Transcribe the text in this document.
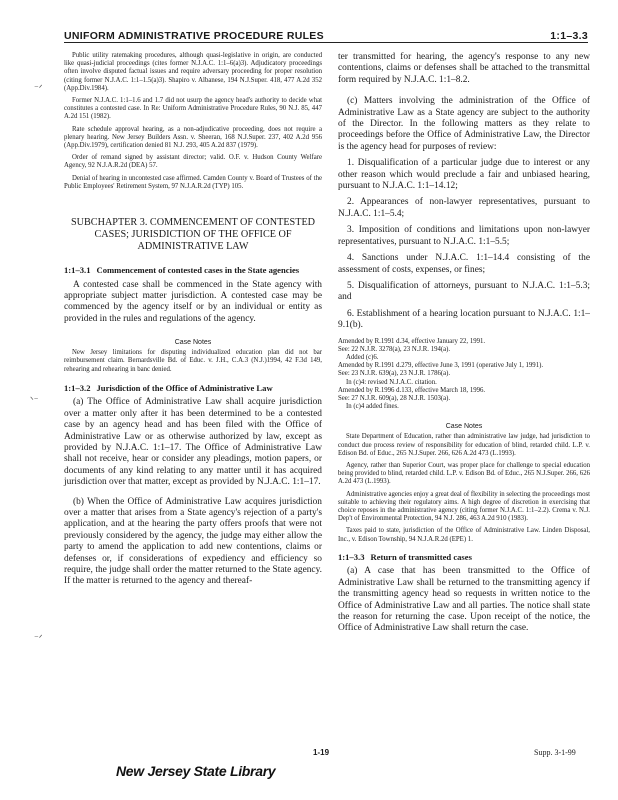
UNIFORM ADMINISTRATIVE PROCEDURE RULES	1:1–3.3

Public utility ratemaking procedures, although quasi-legislative in origin, are conducted like quasi-judicial proceedings (cites former N.J.A.C. 1:1–6(a)3). Adjudicatory proceedings often involve disputed factual issues and require adversary proceeding for proper resolution (citing former N.J.A.C. 1:1–1.5(a)3). Shapiro v. Albanese, 194 N.J.Super. 418, 477 A.2d 352 (App.Div.1984).

Former N.J.A.C. 1:1–1.6 and 1.7 did not usurp the agency head's authority to decide what constitutes a contested case. In Re: Uniform Administrative Procedure Rules, 90 N.J. 85, 447 A.2d 151 (1982).

Rate schedule approval hearing, as a non-adjudicative proceeding, does not require a plenary hearing. New Jersey Builders Assn. v. Sheeran, 168 N.J.Super. 237, 402 A.2d 956 (App.Div.1979), certification denied 81 N.J. 293, 405 A.2d 837 (1979).

Order of remand signed by assistant director; valid. O.F. v. Hudson County Welfare Agency, 92 N.J.A.R.2d (DEA) 57.

Denial of hearing in uncontested case affirmed. Camden County v. Board of Trustees of the Public Employees' Retirement System, 97 N.J.A.R.2d (TYP) 105.

SUBCHAPTER 3. COMMENCEMENT OF CONTESTED CASES; JURISDICTION OF THE OFFICE OF ADMINISTRATIVE LAW
1:1–3.1 Commencement of contested cases in the State agencies

A contested case shall be commenced in the State agency with appropriate subject matter jurisdiction. A contested case may be commenced by the agency itself or by an individual or entity as provided in the rules and regulations of the agency.

Case Notes

New Jersey limitations for disputing individualized education plan did not bar reimbursement claim. Bernardsville Bd. of Educ. v. J.H., C.A.3 (N.J.)1994, 42 F.3d 149, rehearing and rehearing in banc denied.

1:1–3.2 Jurisdiction of the Office of Administrative Law

(a) The Office of Administrative Law shall acquire jurisdiction over a matter only after it has been determined to be a contested case by an agency head and has been filed with the Office of Administrative Law or as otherwise authorized by law, except as provided by N.J.A.C. 1:1–17. The Office of Administrative Law shall not receive, hear or consider any pleadings, motion papers, or documents of any kind relating to any matter until it has acquired jurisdiction over that matter, except as provided by N.J.A.C. 1:1–17.

(b) When the Office of Administrative Law acquires jurisdiction over a matter that arises from a State agency's rejection of a party's application, and at the hearing the party offers proofs that were not previously considered by the agency, the judge may either allow the party to amend the application to add new contentions, claims or defenses or, if considerations of expediency and efficiency so require, the judge shall order the matter returned to the State agency. If the matter is returned to the agency and thereaf-

ter transmitted for hearing, the agency's response to any new contentions, claims or defenses shall be attached to the transmittal form required by N.J.A.C. 1:1–8.2.

(c) Matters involving the administration of the Office of Administrative Law as a State agency are subject to the authority of the Director. In the following matters as they relate to proceedings before the Office of Administrative Law, the Director is the agency head for purposes of review:

1. Disqualification of a particular judge due to interest or any other reason which would preclude a fair and unbiased hearing, pursuant to N.J.A.C. 1:1–14.12;

2. Appearances of non-lawyer representatives, pursuant to N.J.A.C. 1:1–5.4;

3. Imposition of conditions and limitations upon non-lawyer representatives, pursuant to N.J.A.C. 1:1–5.5;

4. Sanctions under N.J.A.C. 1:1–14.4 consisting of the assessment of costs, expenses, or fines;

5. Disqualification of attorneys, pursuant to N.J.A.C. 1:1–5.3; and

6. Establishment of a hearing location pursuant to N.J.A.C. 1:1–9.1(b).

Amended by R.1991 d.34, effective January 22, 1991.

See: 22 N.J.R. 3278(a), 23 N.J.R. 194(a).

Added (c)6.

Amended by R.1991 d.279, effective June 3, 1991 (operative July 1, 1991).

See: 23 N.J.R. 639(a), 23 N.J.R. 1786(a).

In (c)4: revised N.J.A.C. citation.

Amended by R.1996 d.133, effective March 18, 1996.

See: 27 N.J.R. 609(a), 28 N.J.R. 1503(a).

In (c)4 added fines.

Case Notes

State Department of Education, rather than administrative law judge, had jurisdiction to conduct due process review of responsibility for education of blind, retarded child. L.P. v. Edison Bd. of Educ., 265 N.J.Super. 266, 626 A.2d 473 (L.1993).

Agency, rather than Superior Court, was proper place for challenge to special education being provided to blind, retarded child. L.P. v. Edison Bd. of Educ., 265 N.J.Super. 266, 626 A.2d 473 (L.1993).

Administrative agencies enjoy a great deal of flexibility in selecting the proceedings most suitable to achieving their regulatory aims. A high degree of discretion in exercising that choice reposes in the administrative agency (citing former N.J.A.C. 1:1–2.2). Crema v. N.J. Dep't of Environmental Protection, 94 N.J. 286, 463 A.2d 910 (1983).

Taxes paid to state, jurisdiction of the Office of Administrative Law. Linden Disposal, Inc., v. Edison Township, 94 N.J.A.R.2d (EPE) 1.

1:1–3.3 Return of transmitted cases

(a) A case that has been transmitted to the Office of Administrative Law shall be returned to the transmitting agency if the transmitting agency head so requests in written notice to the Office of Administrative Law and all parties. The notice shall state the reason for returning the case. Upon receipt of the notice, the Office of Administrative Law shall return the case.

⁻ᐟ
ᐠ⁻
⁻ᐟ
1-19	Supp. 3-1-99
New Jersey State Library
